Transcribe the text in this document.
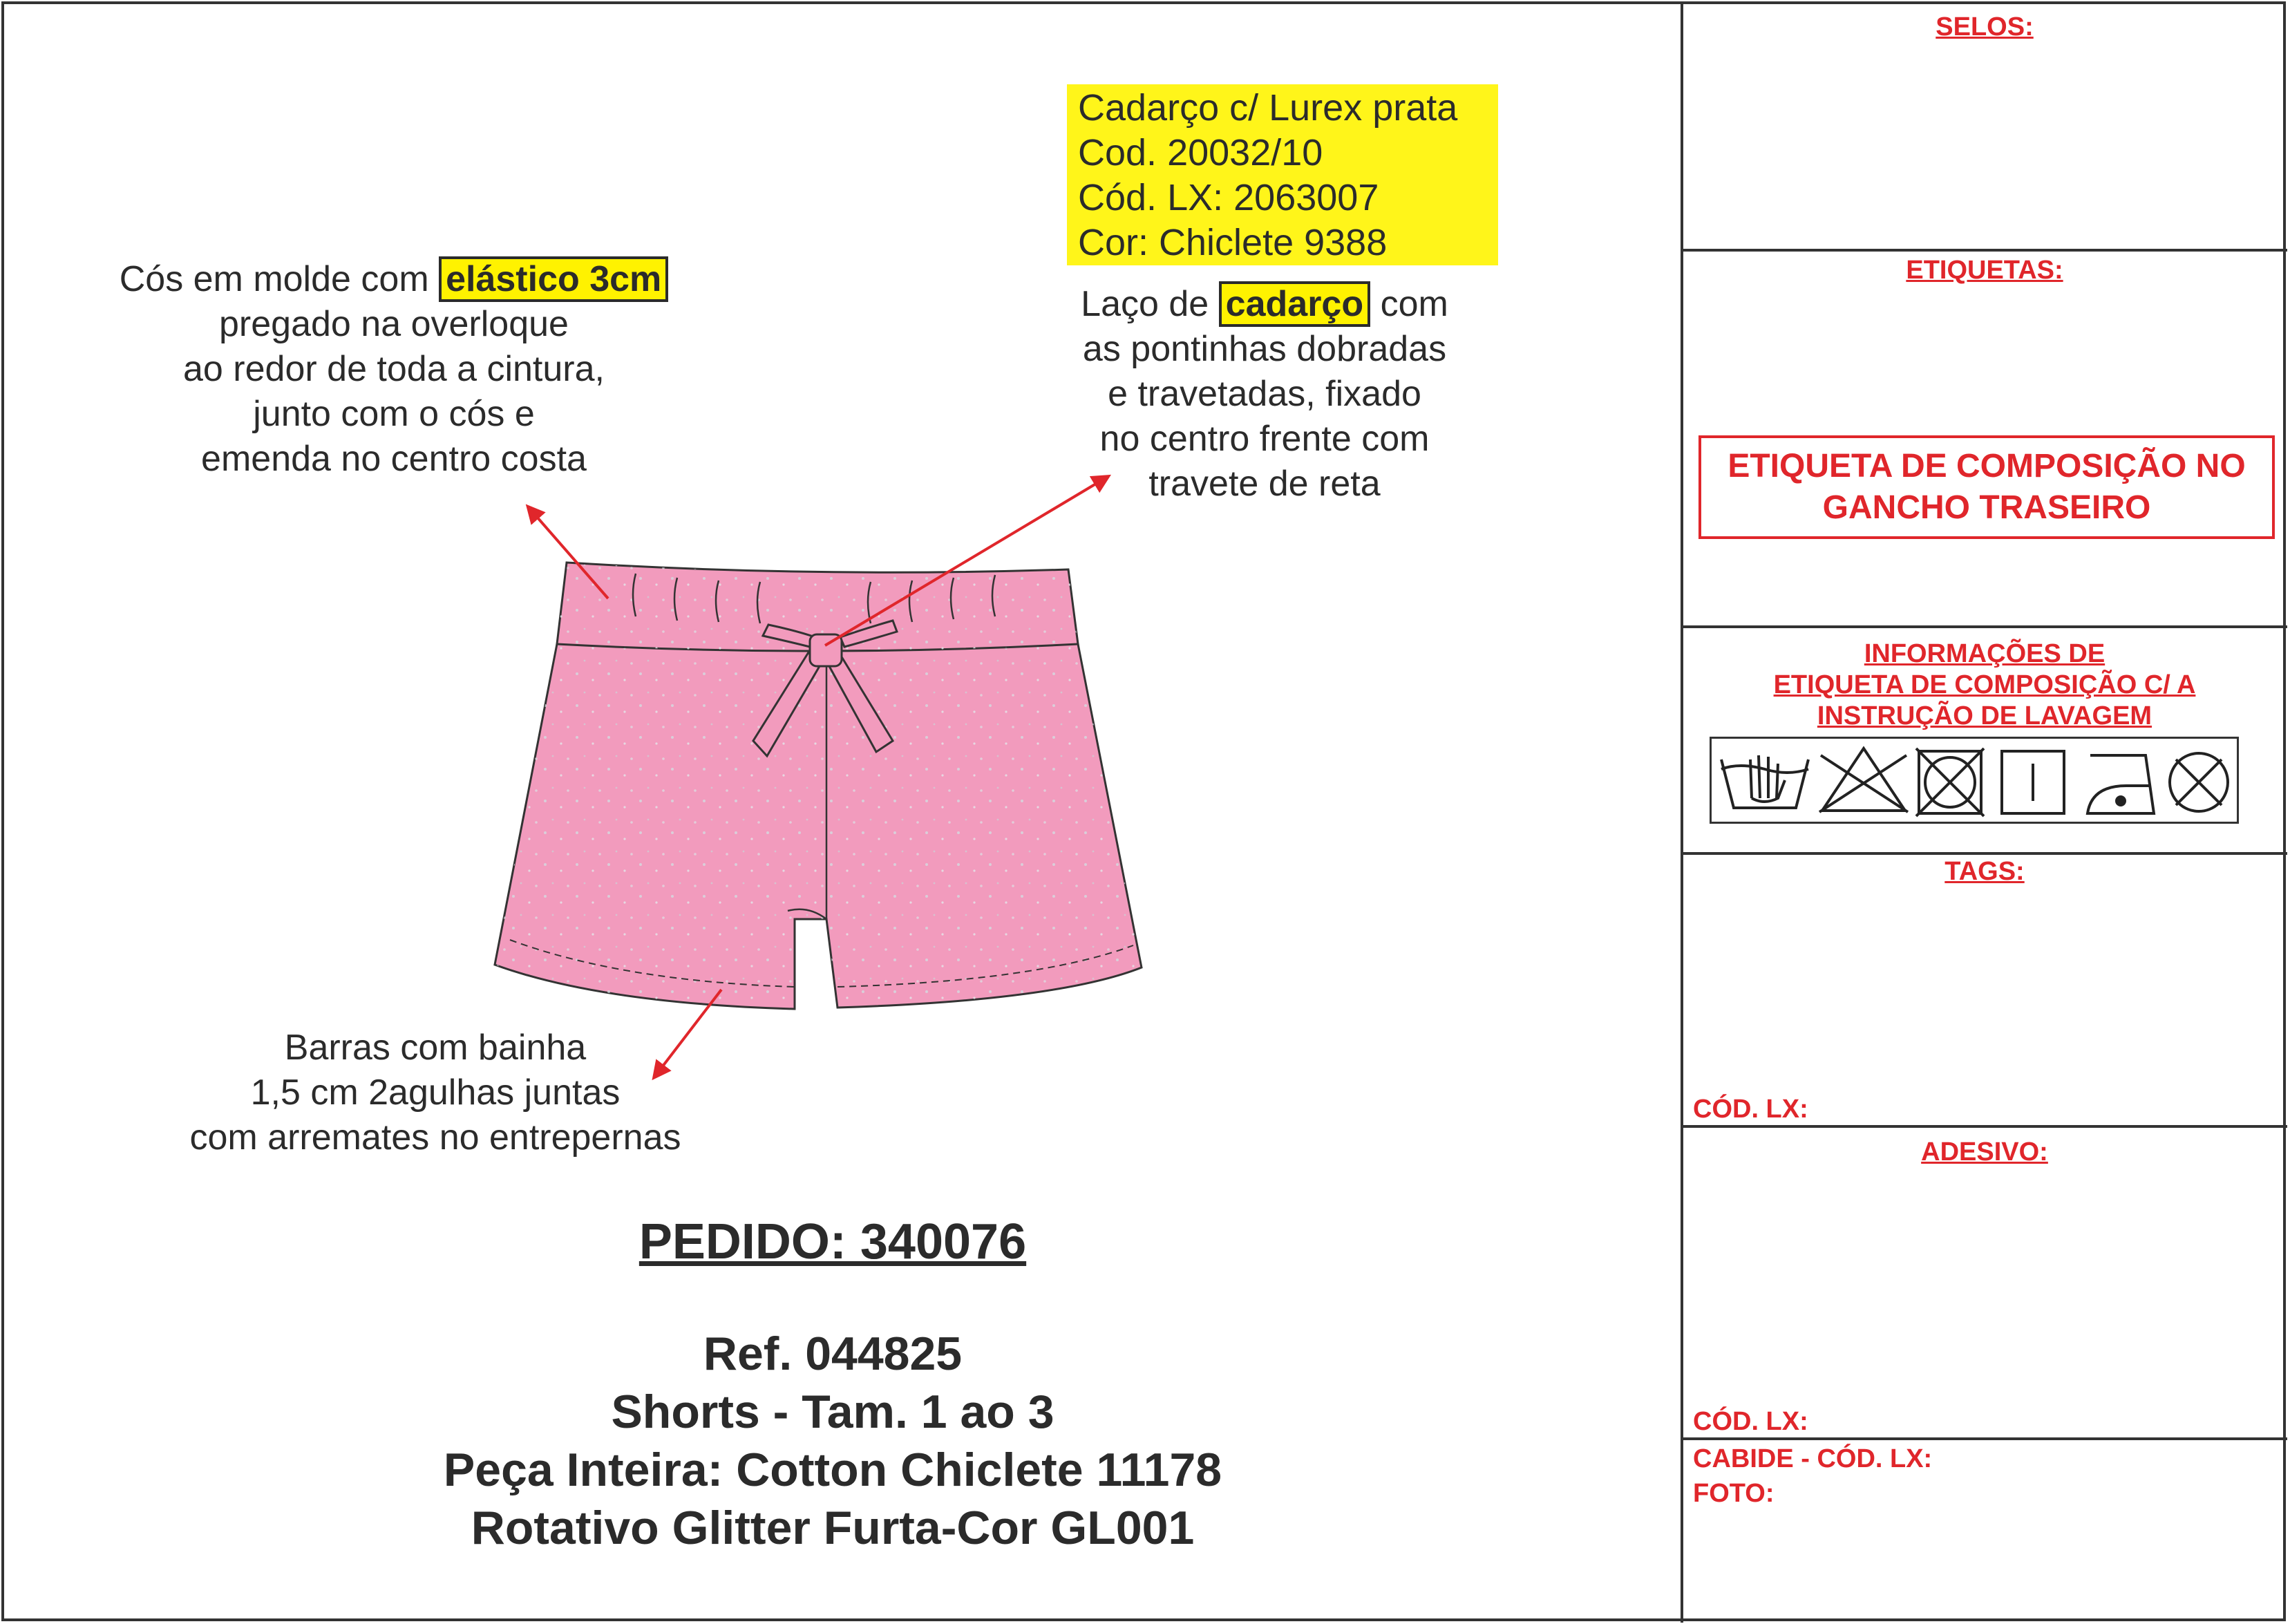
Cós em molde com elástico 3cm
pregado na overloque
ao redor de toda a cintura,
junto com o cós e
emenda no centro costa
Cadarço c/ Lurex prata
Cod. 20032/10
Cód. LX: 2063007
Cor: Chiclete 9388
Laço de cadarço com
as pontinhas dobradas
e travetadas, fixado
no centro frente com
travete de reta
Barras com bainha
1,5 cm 2agulhas juntas
com arremates no entrepernas
PEDIDO: 340076
Ref. 044825
Shorts - Tam. 1 ao 3
Peça Inteira: Cotton Chiclete 11178
Rotativo Glitter Furta-Cor GL001
SELOS:
ETIQUETAS:
ETIQUETA DE COMPOSIÇÃO NO
GANCHO TRASEIRO
INFORMAÇÕES DE
ETIQUETA DE COMPOSIÇÃO C/ A
INSTRUÇÃO DE LAVAGEM
TAGS:
CÓD. LX:
ADESIVO:
CÓD. LX:
CABIDE - CÓD. LX:
FOTO:
